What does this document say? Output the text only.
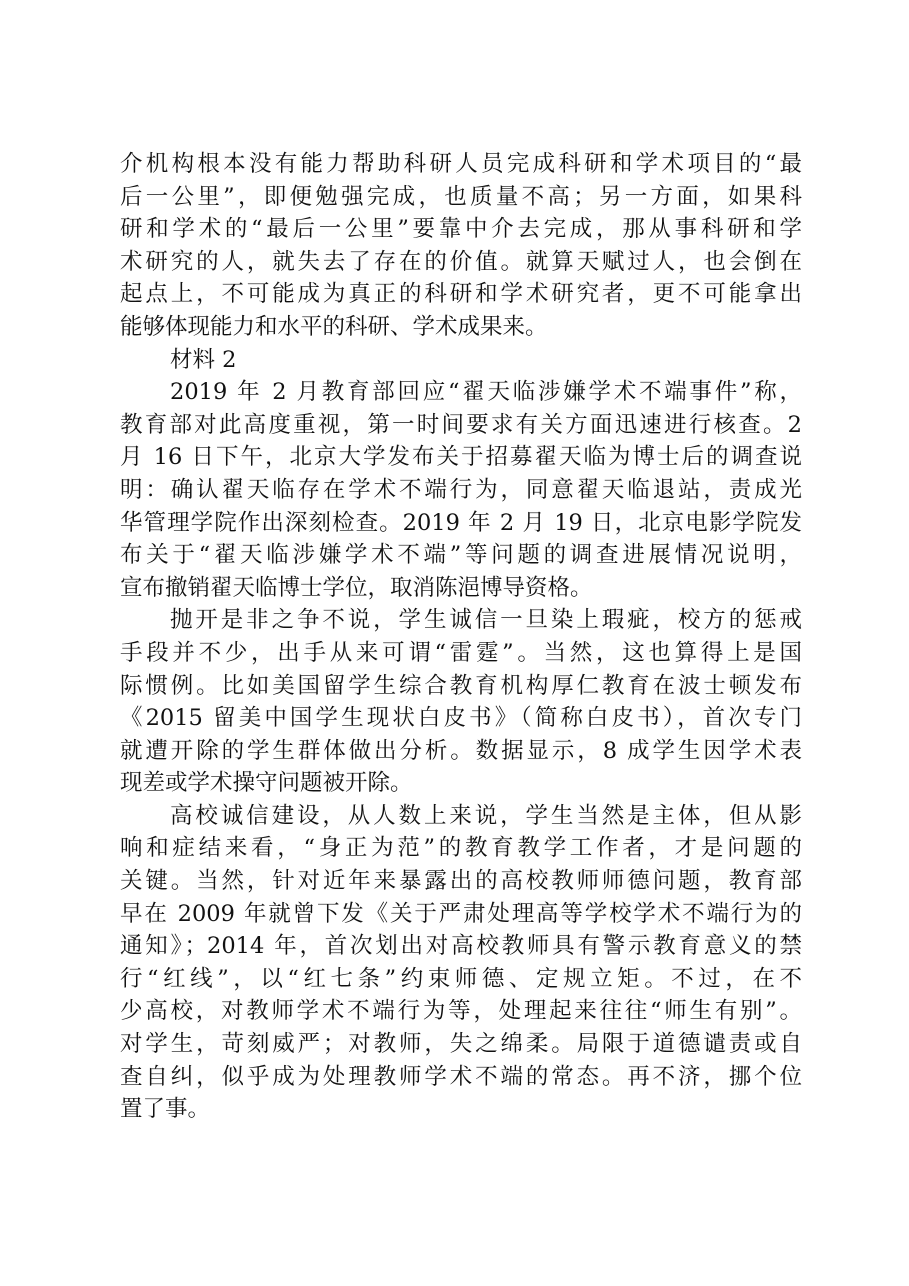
介机构根本没有能力帮助科研人员完成科研和学术项目的“最
后一公里”，即便勉强完成，也质量不高；另一方面，如果科
研和学术的“最后一公里”要靠中介去完成，那从事科研和学
术研究的人，就失去了存在的价值。就算天赋过人，也会倒在
起点上，不可能成为真正的科研和学术研究者，更不可能拿出
能够体现能力和水平的科研、学术成果来。
材料 2
2019 年 2 月教育部回应“翟天临涉嫌学术不端事件”称，
教育部对此高度重视，第一时间要求有关方面迅速进行核查。2
月 16 日下午，北京大学发布关于招募翟天临为博士后的调查说
明：确认翟天临存在学术不端行为，同意翟天临退站，责成光
华管理学院作出深刻检查。2019 年 2 月 19 日，北京电影学院发
布关于“翟天临涉嫌学术不端”等问题的调查进展情况说明，
宣布撤销翟天临博士学位，取消陈浥博导资格。
抛开是非之争不说，学生诚信一旦染上瑕疵，校方的惩戒
手段并不少，出手从来可谓“雷霆”。当然，这也算得上是国
际惯例。比如美国留学生综合教育机构厚仁教育在波士顿发布
《2015 留美中国学生现状白皮书》（简称白皮书），首次专门
就遭开除的学生群体做出分析。数据显示，8 成学生因学术表
现差或学术操守问题被开除。
高校诚信建设，从人数上来说，学生当然是主体，但从影
响和症结来看，“身正为范”的教育教学工作者，才是问题的
关键。当然，针对近年来暴露出的高校教师师德问题，教育部
早在 2009 年就曾下发《关于严肃处理高等学校学术不端行为的
通知》；2014 年，首次划出对高校教师具有警示教育意义的禁
行“红线”，以“红七条”约束师德、定规立矩。不过，在不
少高校，对教师学术不端行为等，处理起来往往“师生有别”。
对学生，苛刻威严；对教师，失之绵柔。局限于道德谴责或自
查自纠，似乎成为处理教师学术不端的常态。再不济，挪个位
置了事。
